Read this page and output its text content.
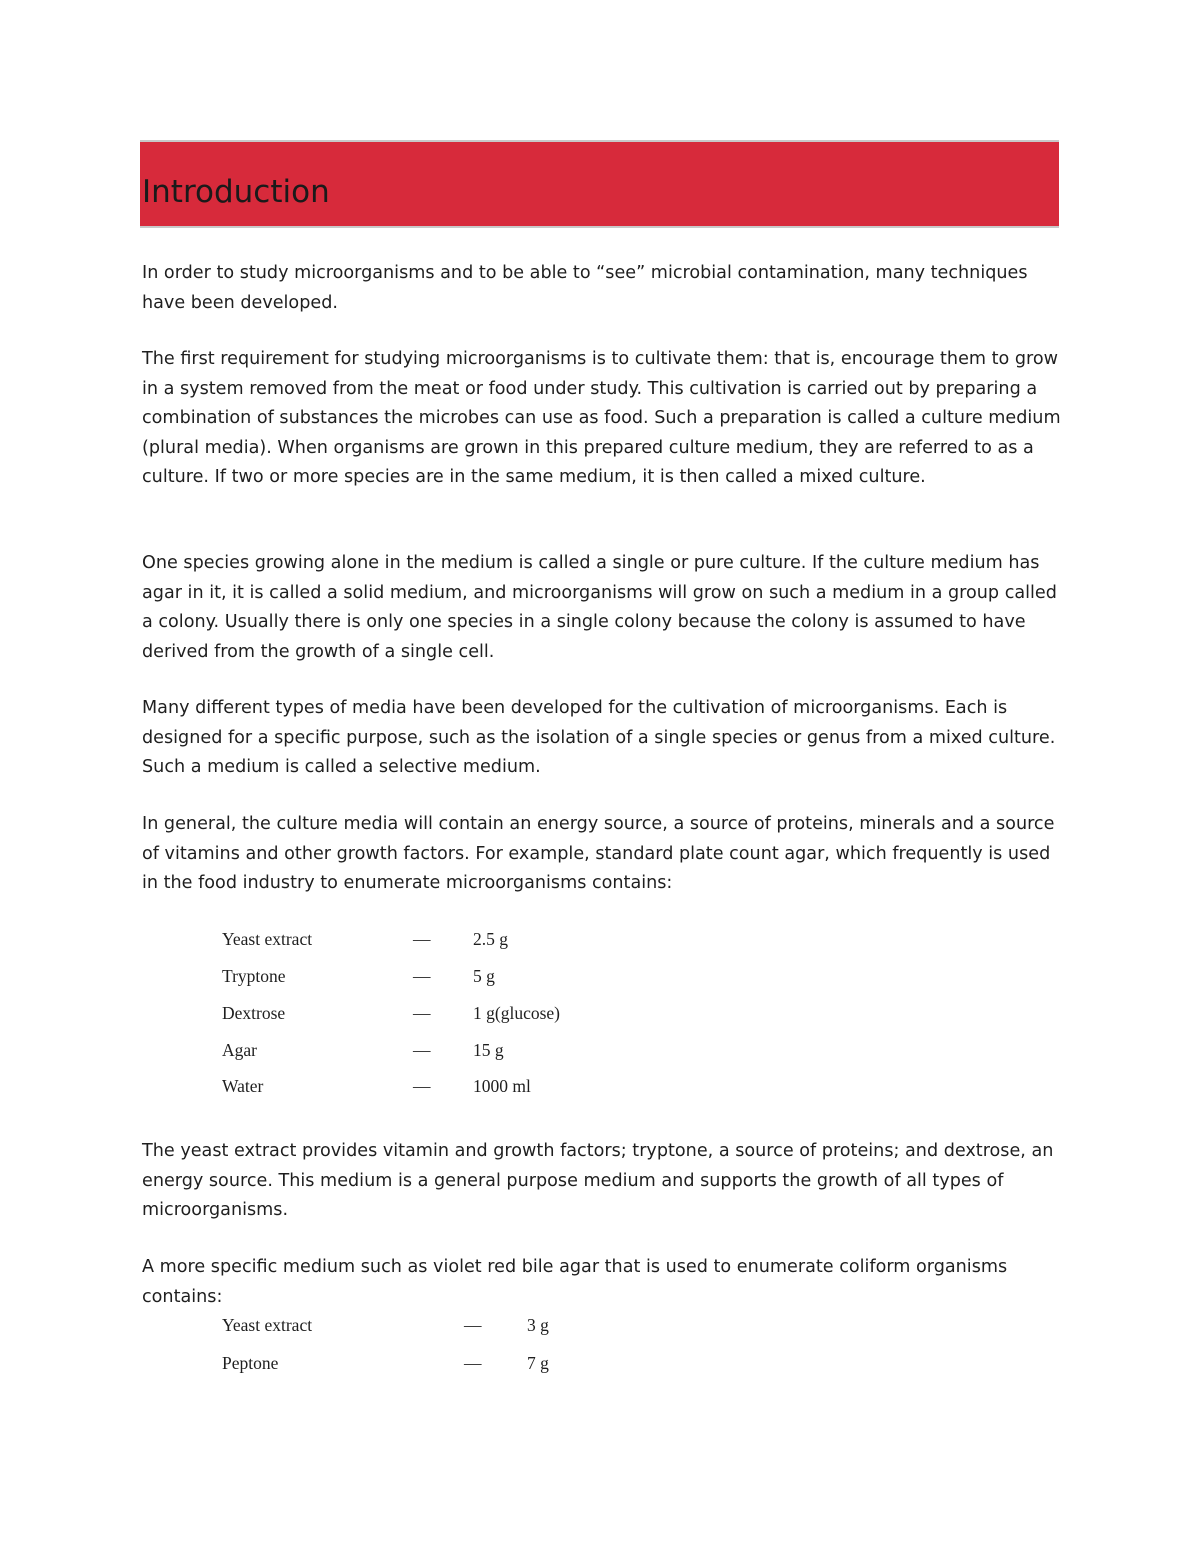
Introduction

In order to study microorganisms and to be able to “see” microbial contamination, many techniques have been developed.

The first requirement for studying microorganisms is to cultivate them: that is, encourage them to grow in a system removed from the meat or food under study. This cultivation is carried out by preparing a combination of substances the microbes can use as food. Such a preparation is called a culture medium (plural media). When organisms are grown in this prepared culture medium, they are referred to as a culture. If two or more species are in the same medium, it is then called a mixed culture.

One species growing alone in the medium is called a single or pure culture. If the culture medium has agar in it, it is called a solid medium, and microorganisms will grow on such a medium in a group called a colony. Usually there is only one species in a single colony because the colony is assumed to have derived from the growth of a single cell.

Many different types of media have been developed for the cultivation of microorganisms. Each is designed for a specific purpose, such as the isolation of a single species or genus from a mixed culture. Such a medium is called a selective medium.

In general, the culture media will contain an energy source, a source of proteins, minerals and a source of vitamins and other growth factors. For example, standard plate count agar, which frequently is used in the food industry to enumerate microorganisms contains:

Yeast extract	— 2.5 g
Tryptone	— 5 g
Dextrose	— 1 g(glucose)
Agar	— 15 g
Water	— 1000 ml

The yeast extract provides vitamin and growth factors; tryptone, a source of proteins; and dextrose, an energy source. This medium is a general purpose medium and supports the growth of all types of microorganisms.

A more specific medium such as violet red bile agar that is used to enumerate coliform organisms contains:

Yeast extract	—	3 g
Peptone	—	7 g
